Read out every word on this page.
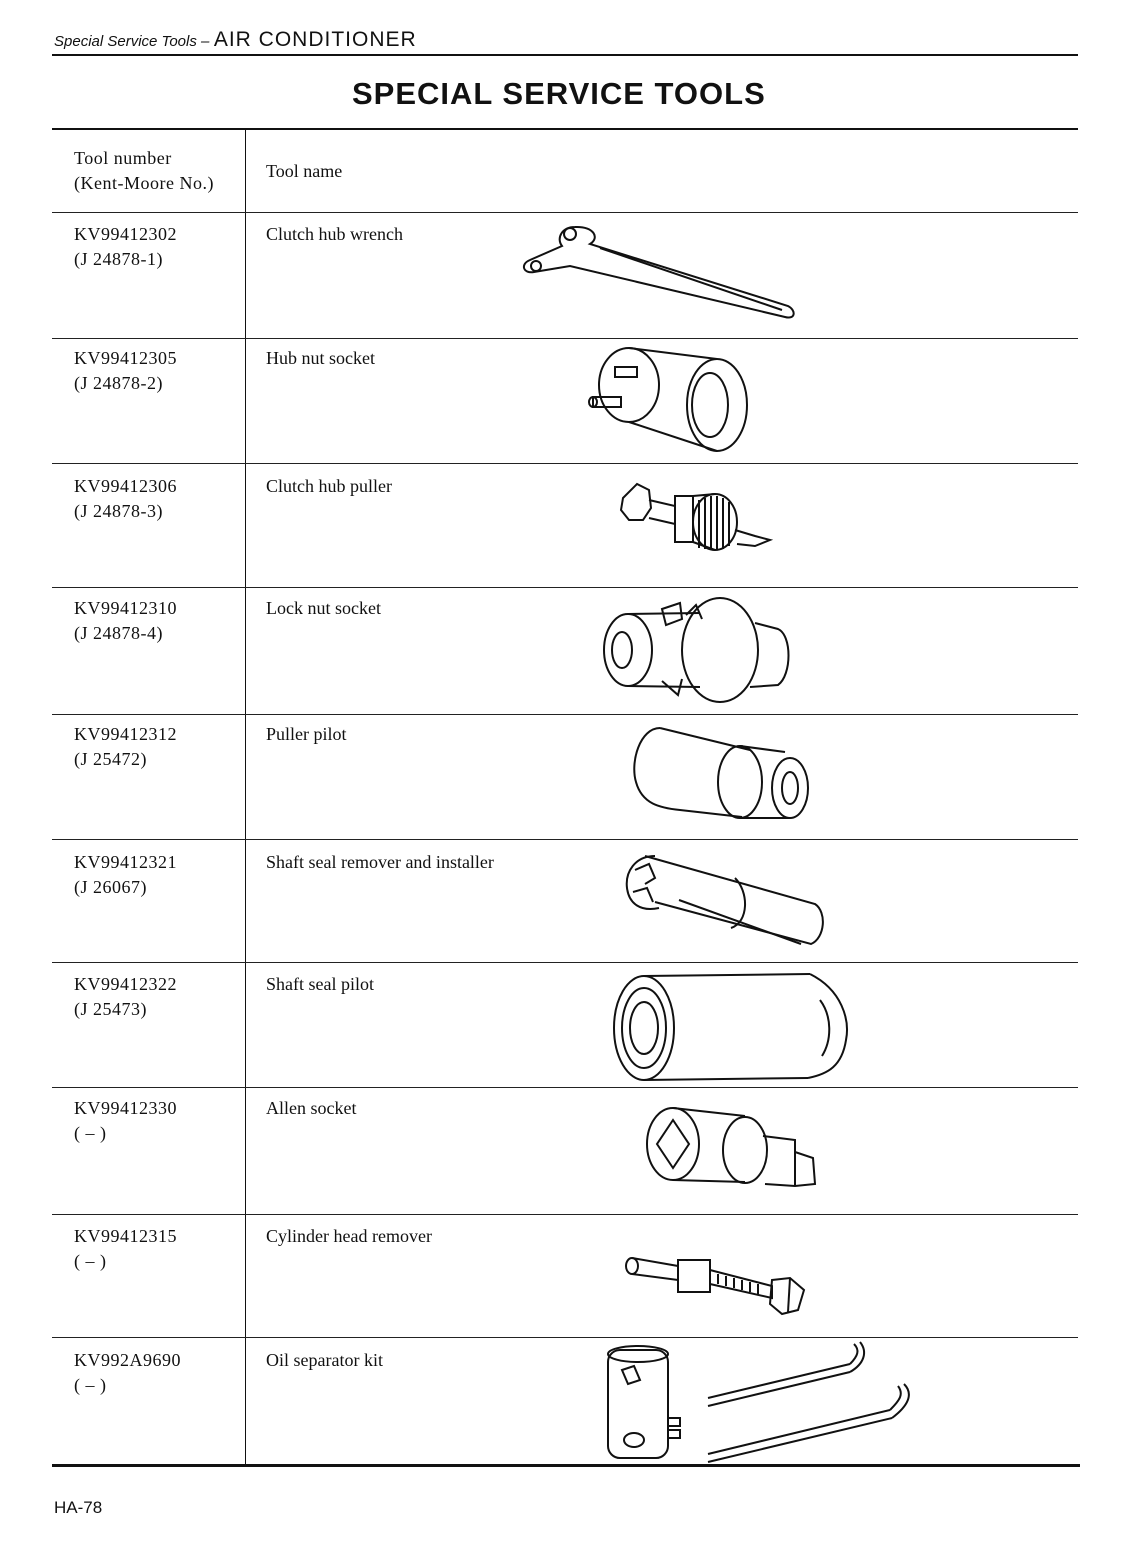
Special Service Tools – AIR CONDITIONER
SPECIAL SERVICE TOOLS
Tool number
(Kent-Moore No.)
Tool name
KV99412302
(J 24878-1)
Clutch hub wrench
KV99412305
(J 24878-2)
Hub nut socket
KV99412306
(J 24878-3)
Clutch hub puller
KV99412310
(J 24878-4)
Lock nut socket
KV99412312
(J 25472)
Puller pilot
KV99412321
(J 26067)
Shaft seal remover and installer
KV99412322
(J 25473)
Shaft seal pilot
KV99412330
( – )
Allen socket
KV99412315
( – )
Cylinder head remover
KV992A9690
( – )
Oil separator kit
HA-78
